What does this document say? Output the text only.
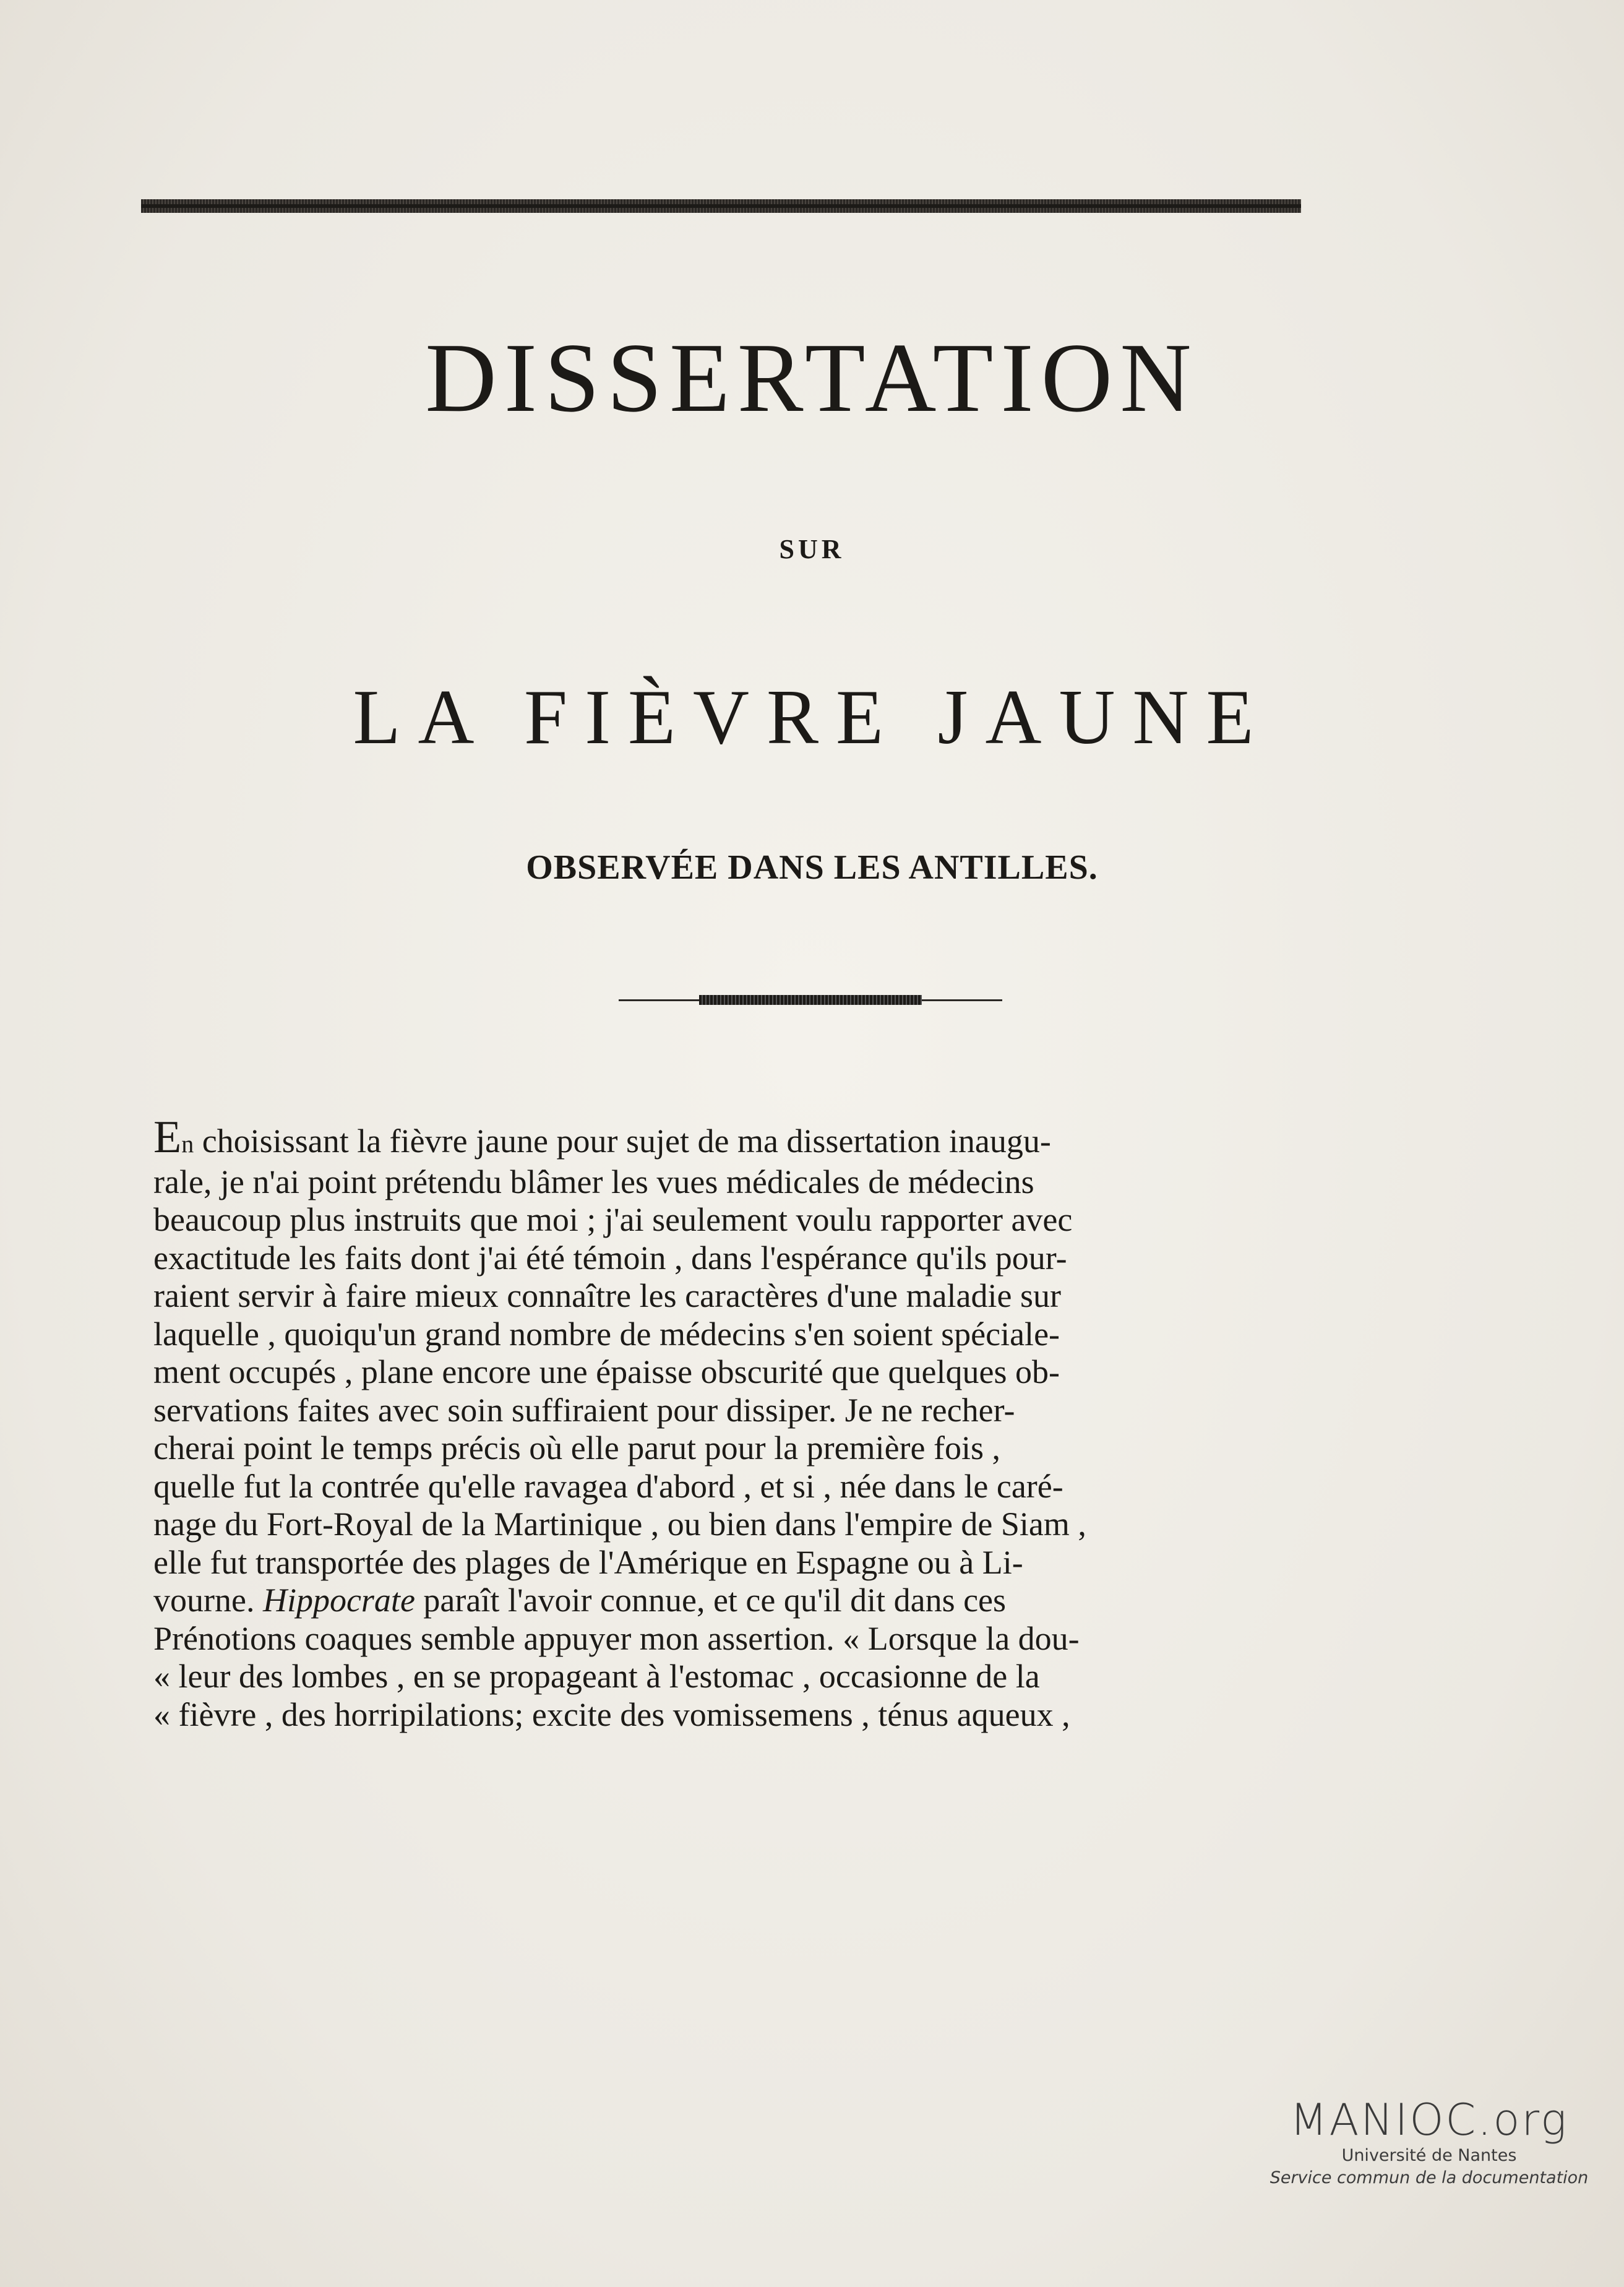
DISSERTATION
SUR
LA FIÈVRE JAUNE
OBSERVÉE DANS LES ANTILLES.

En choisissant la fièvre jaune pour sujet de ma dissertation inaugu-
rale, je n'ai point prétendu blâmer les vues médicales de médecins
beaucoup plus instruits que moi ; j'ai seulement voulu rapporter avec
exactitude les faits dont j'ai été témoin , dans l'espérance qu'ils pour-
raient servir à faire mieux connaître les caractères d'une maladie sur
laquelle , quoiqu'un grand nombre de médecins s'en soient spéciale-
ment occupés , plane encore une épaisse obscurité que quelques ob-
servations faites avec soin suffiraient pour dissiper. Je ne recher-
cherai point le temps précis où elle parut pour la première fois ,
quelle fut la contrée qu'elle ravagea d'abord , et si , née dans le caré-
nage du Fort-Royal de la Martinique , ou bien dans l'empire de Siam ,
elle fut transportée des plages de l'Amérique en Espagne ou à Li-
vourne. Hippocrate paraît l'avoir connue, et ce qu'il dit dans ces
Prénotions coaques semble appuyer mon assertion. « Lorsque la dou-
« leur des lombes , en se propageant à l'estomac , occasionne de la
« fièvre , des horripilations; excite des vomissemens , ténus aqueux ,

MANIOC.org
Université de Nantes
Service commun de la documentation
